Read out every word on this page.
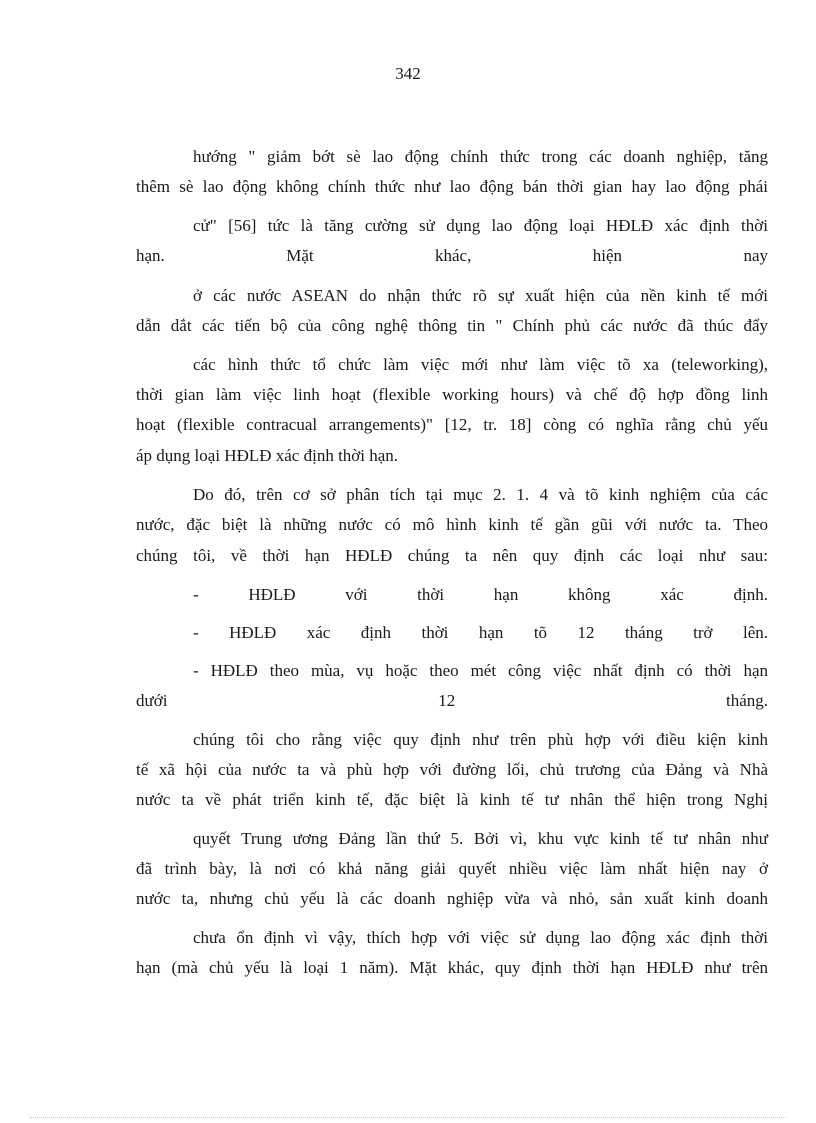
342
hướng " giảm bớt sè lao động chính thức trong các doanh nghiệp, tăng
thêm sè lao động không chính thức như lao động bán thời gian hay lao động phái
cử" [56] tức là tăng cường sử dụng lao động loại HĐLĐ xác định thời
hạn. Mặt khác, hiện nay
ở các nước ASEAN do nhận thức rõ sự xuất hiện của nền kinh tế mới
dẫn dắt các tiến bộ của công nghệ thông tin " Chính phủ các nước đã thúc đẩy
các hình thức tổ chức làm việc mới như làm việc tõ xa (teleworking),
thời gian làm việc linh hoạt (flexible working hours) và chế độ hợp đồng linh
hoạt (flexible contracual arrangements)" [12, tr. 18] còng có nghĩa rằng chủ yếu
áp dụng loại HĐLĐ xác định thời hạn.
Do đó, trên cơ sở phân tích tại mục 2. 1. 4 và tõ kinh nghiệm của các
nước, đặc biệt là những nước có mô hình kinh tế gần gũi với nước ta. Theo
chúng tôi, về thời hạn HĐLĐ chúng ta nên quy định các loại như sau:
- HĐLĐ với thời hạn không xác định.
- HĐLĐ xác định thời hạn tõ 12 tháng trở lên.
- HĐLĐ theo mùa, vụ hoặc theo mét công việc nhất định có thời hạn
dưới 12 tháng.
chúng tôi cho rằng việc quy định như trên phù hợp với điều kiện kinh
tế xã hội của nước ta và phù hợp với đường lối, chủ trương của Đảng và Nhà
nước ta về phát triển kinh tế, đặc biệt là kinh tế tư nhân thể hiện trong Nghị
quyết Trung ương Đảng lần thứ 5. Bởi vì, khu vực kinh tế tư nhân như
đã trình bày, là nơi có khả năng giải quyết nhiều việc làm nhất hiện nay ở
nước ta, nhưng chủ yếu là các doanh nghiệp vừa và nhỏ, sản xuất kinh doanh
chưa ổn định vì vậy, thích hợp với việc sử dụng lao động xác định thời
hạn (mà chủ yếu là loại 1 năm). Mặt khác, quy định thời hạn HĐLĐ như trên
